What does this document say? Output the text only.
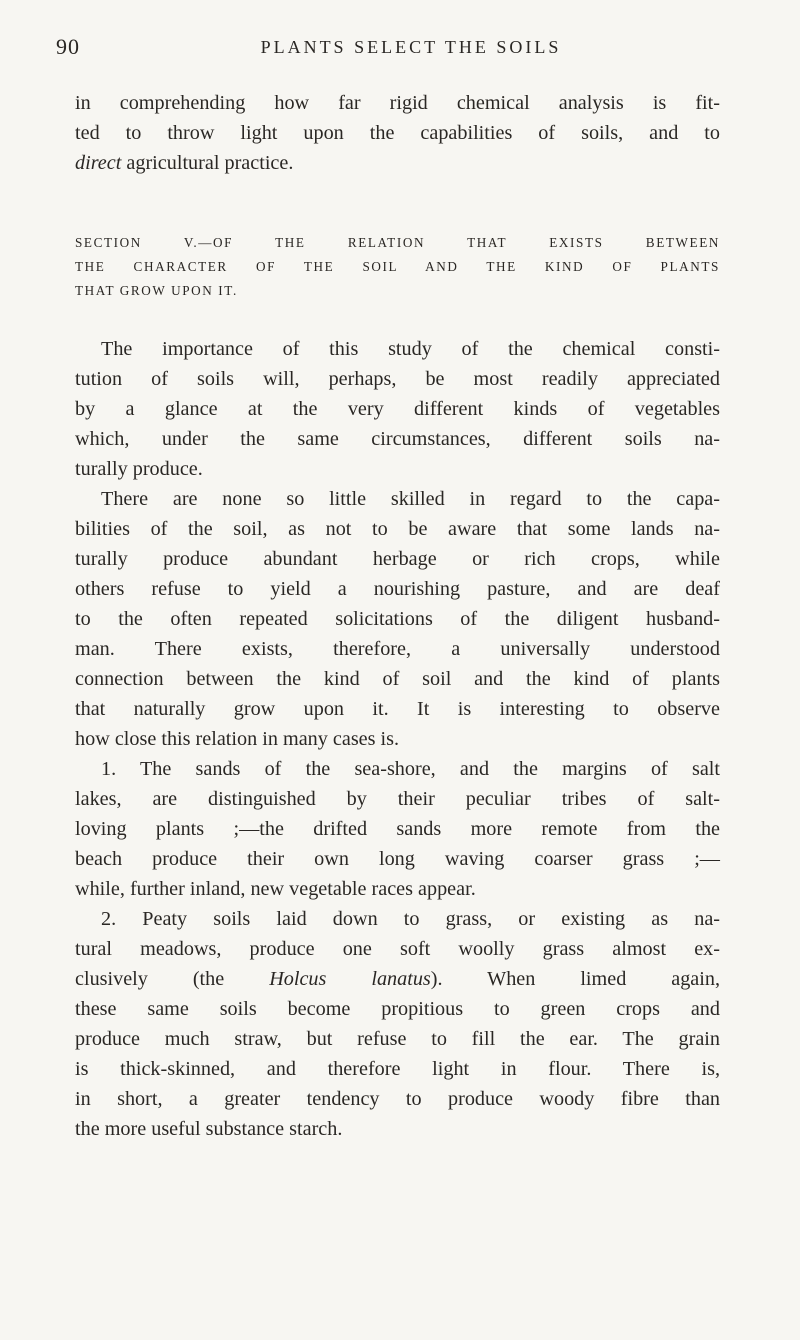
90	PLANTS SELECT THE SOILS
in comprehending how far rigid chemical analysis is fit-
ted to throw light upon the capabilities of soils, and to
direct agricultural practice.
SECTION V.—OF THE RELATION THAT EXISTS BETWEEN
THE CHARACTER OF THE SOIL AND THE KIND OF PLANTS
THAT GROW UPON IT.
The importance of this study of the chemical consti-
tution of soils will, perhaps, be most readily appreciated
by a glance at the very different kinds of vegetables
which, under the same circumstances, different soils na-
turally produce.
There are none so little skilled in regard to the capa-
bilities of the soil, as not to be aware that some lands na-
turally produce abundant herbage or rich crops, while
others refuse to yield a nourishing pasture, and are deaf
to the often repeated solicitations of the diligent husband-
man. There exists, therefore, a universally understood
connection between the kind of soil and the kind of plants
that naturally grow upon it. It is interesting to observe
how close this relation in many cases is.
1. The sands of the sea-shore, and the margins of salt
lakes, are distinguished by their peculiar tribes of salt-
loving plants ;—the drifted sands more remote from the
beach produce their own long waving coarser grass ;—
while, further inland, new vegetable races appear.
2. Peaty soils laid down to grass, or existing as na-
tural meadows, produce one soft woolly grass almost ex-
clusively (the Holcus lanatus). When limed again,
these same soils become propitious to green crops and
produce much straw, but refuse to fill the ear. The grain
is thick-skinned, and therefore light in flour. There is,
in short, a greater tendency to produce woody fibre than
the more useful substance starch.
